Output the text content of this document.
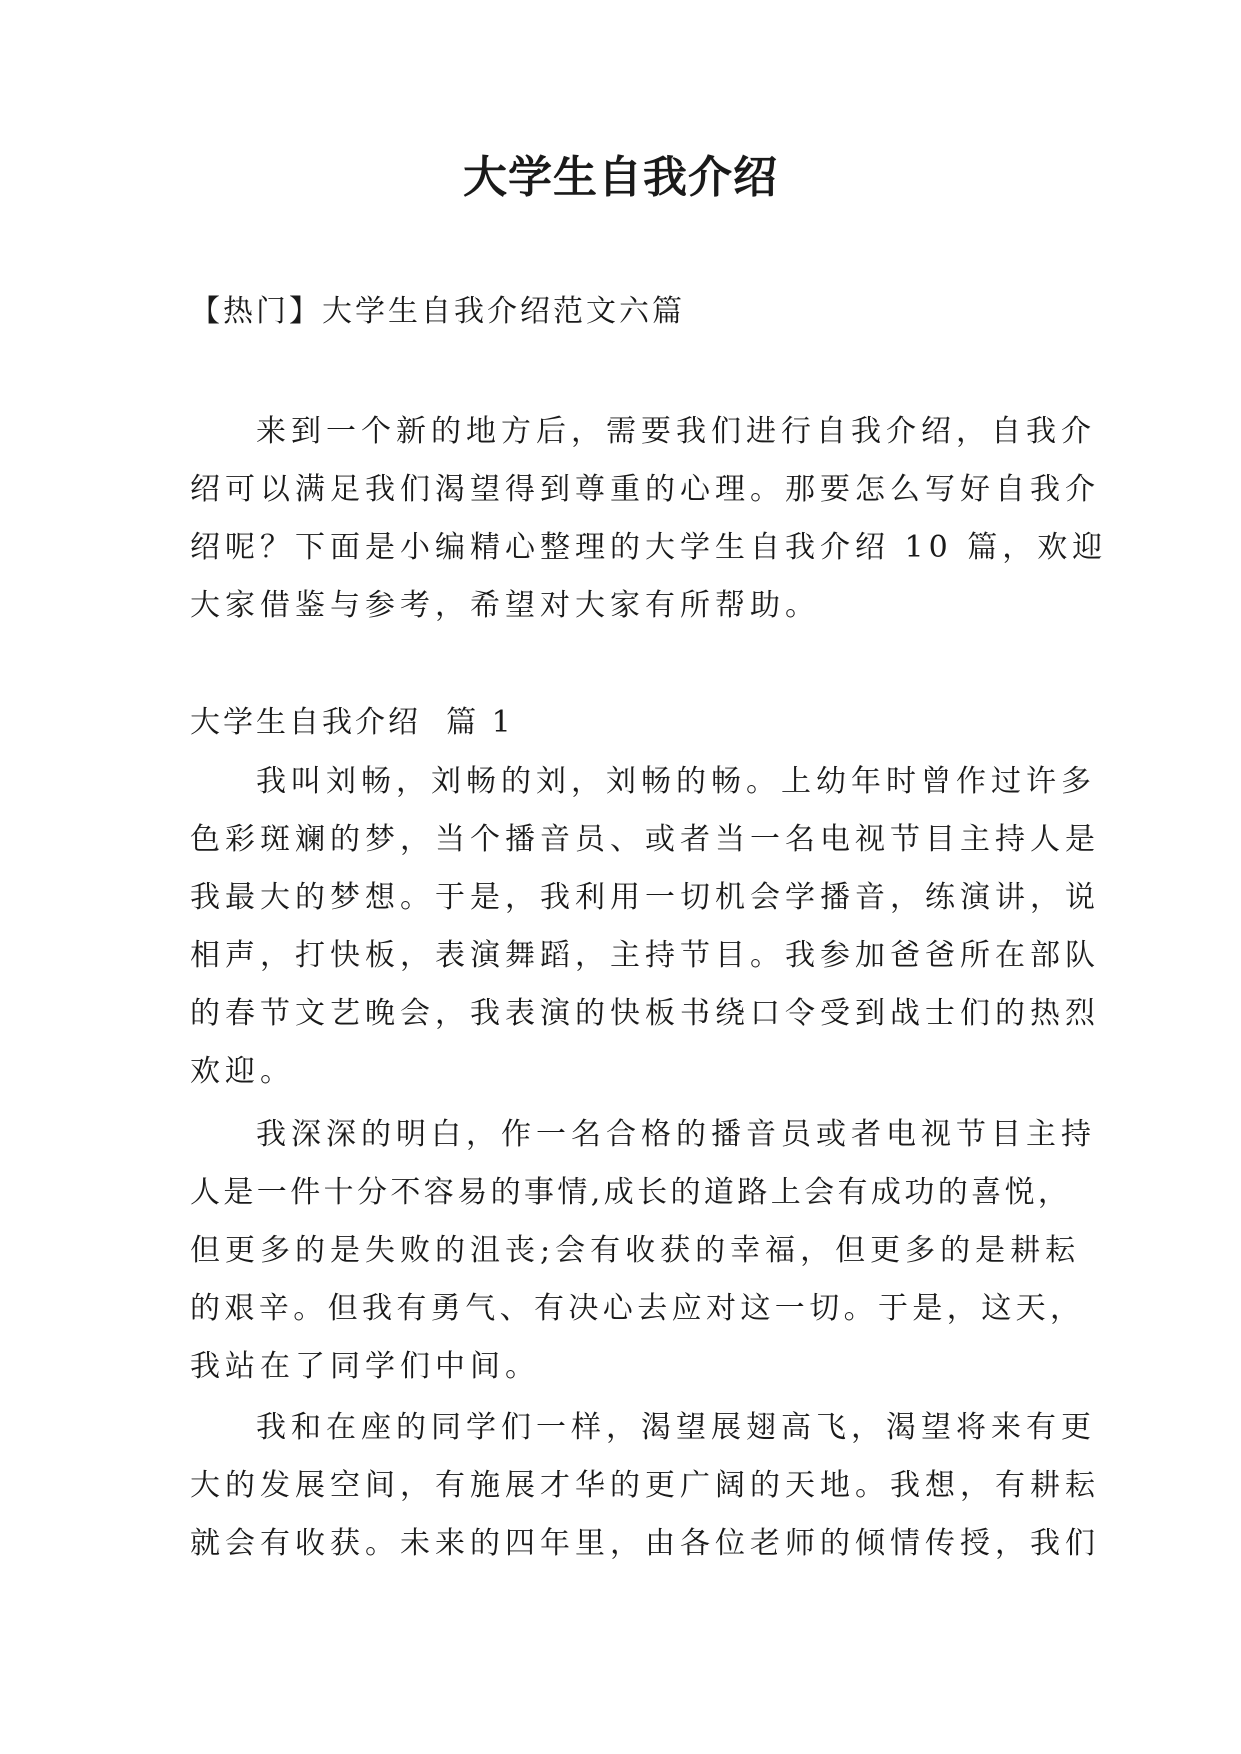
大学生自我介绍

【热门】大学生自我介绍范文六篇

来到一个新的地方后，需要我们进行自我介绍，自我介
绍可以满足我们渴望得到尊重的心理。那要怎么写好自我介
绍呢？下面是小编精心整理的大学生自我介绍 10 篇，欢迎
大家借鉴与参考，希望对大家有所帮助。
大学生自我介绍  篇 1
我叫刘畅，刘畅的刘，刘畅的畅。上幼年时曾作过许多
色彩斑斓的梦，当个播音员、或者当一名电视节目主持人是
我最大的梦想。于是，我利用一切机会学播音，练演讲，说
相声，打快板，表演舞蹈，主持节目。我参加爸爸所在部队
的春节文艺晚会，我表演的快板书绕口令受到战士们的热烈
欢迎。
我深深的明白，作一名合格的播音员或者电视节目主持
人是一件十分不容易的事情,成长的道路上会有成功的喜悦，
但更多的是失败的沮丧;会有收获的幸福，但更多的是耕耘
的艰辛。但我有勇气、有决心去应对这一切。于是，这天，
我站在了同学们中间。
我和在座的同学们一样，渴望展翅高飞，渴望将来有更
大的发展空间，有施展才华的更广阔的天地。我想，有耕耘
就会有收获。未来的四年里，由各位老师的倾情传授，我们
